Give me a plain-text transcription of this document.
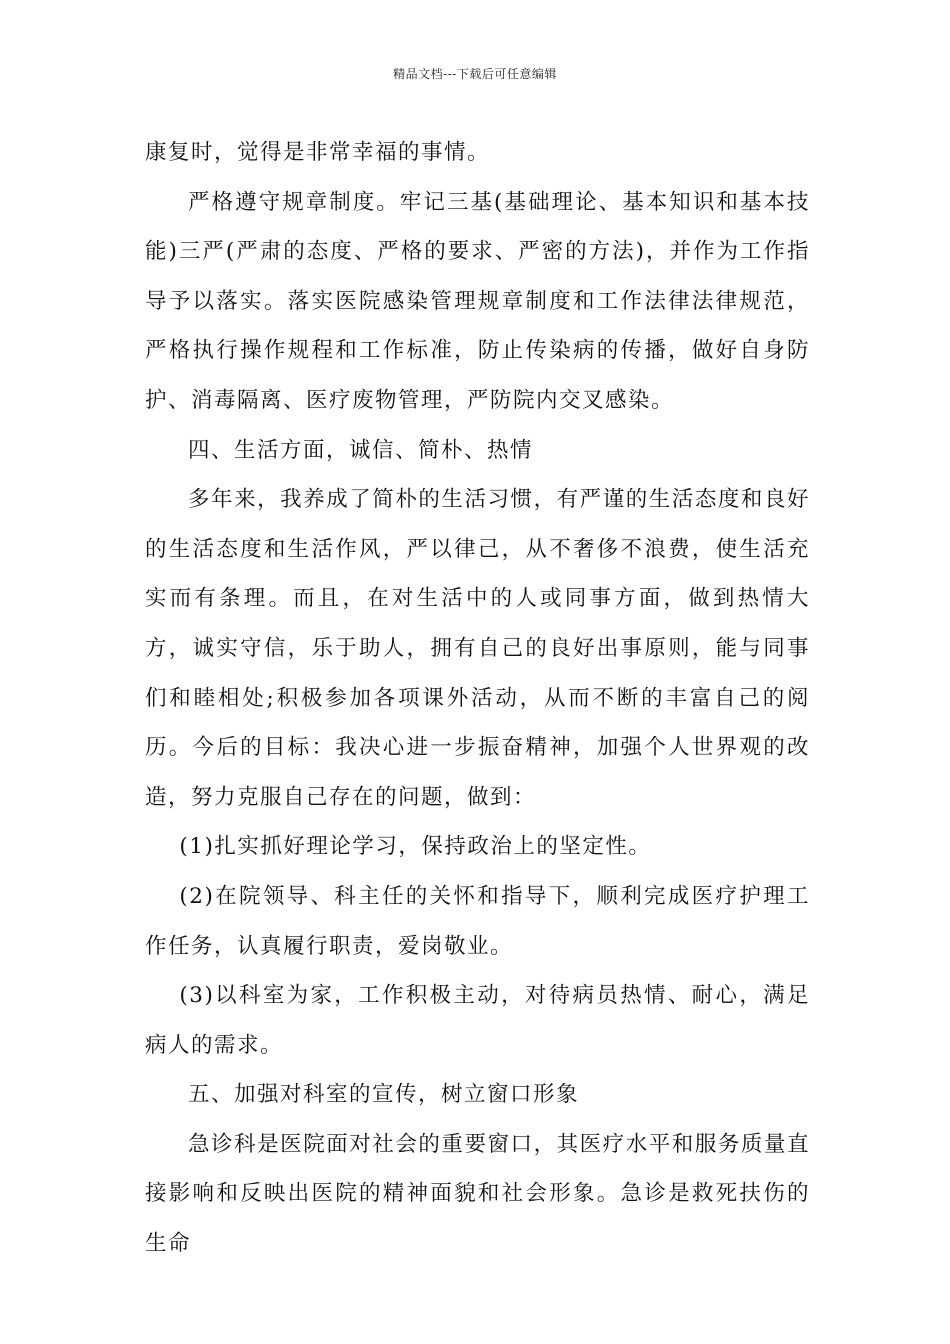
精品文档---下载后可任意编辑

康复时，觉得是非常幸福的事情。

严格遵守规章制度。牢记三基(基础理论、基本知识和基本技能)三严(严肃的态度、严格的要求、严密的方法)，并作为工作指导予以落实。落实医院感染管理规章制度和工作法律法律规范，严格执行操作规程和工作标准，防止传染病的传播，做好自身防护、消毒隔离、医疗废物管理，严防院内交叉感染。

四、生活方面，诚信、简朴、热情

多年来，我养成了简朴的生活习惯，有严谨的生活态度和良好的生活态度和生活作风，严以律己，从不奢侈不浪费，使生活充实而有条理。而且，在对生活中的人或同事方面，做到热情大方，诚实守信，乐于助人，拥有自己的良好出事原则，能与同事们和睦相处;积极参加各项课外活动，从而不断的丰富自己的阅历。今后的目标：我决心进一步振奋精神，加强个人世界观的改造，努力克服自己存在的问题，做到：

(1)扎实抓好理论学习，保持政治上的坚定性。

(2)在院领导、科主任的关怀和指导下，顺利完成医疗护理工作任务，认真履行职责，爱岗敬业。

(3)以科室为家，工作积极主动，对待病员热情、耐心，满足病人的需求。

五、加强对科室的宣传，树立窗口形象

急诊科是医院面对社会的重要窗口，其医疗水平和服务质量直接影响和反映出医院的精神面貌和社会形象。急诊是救死扶伤的生命
